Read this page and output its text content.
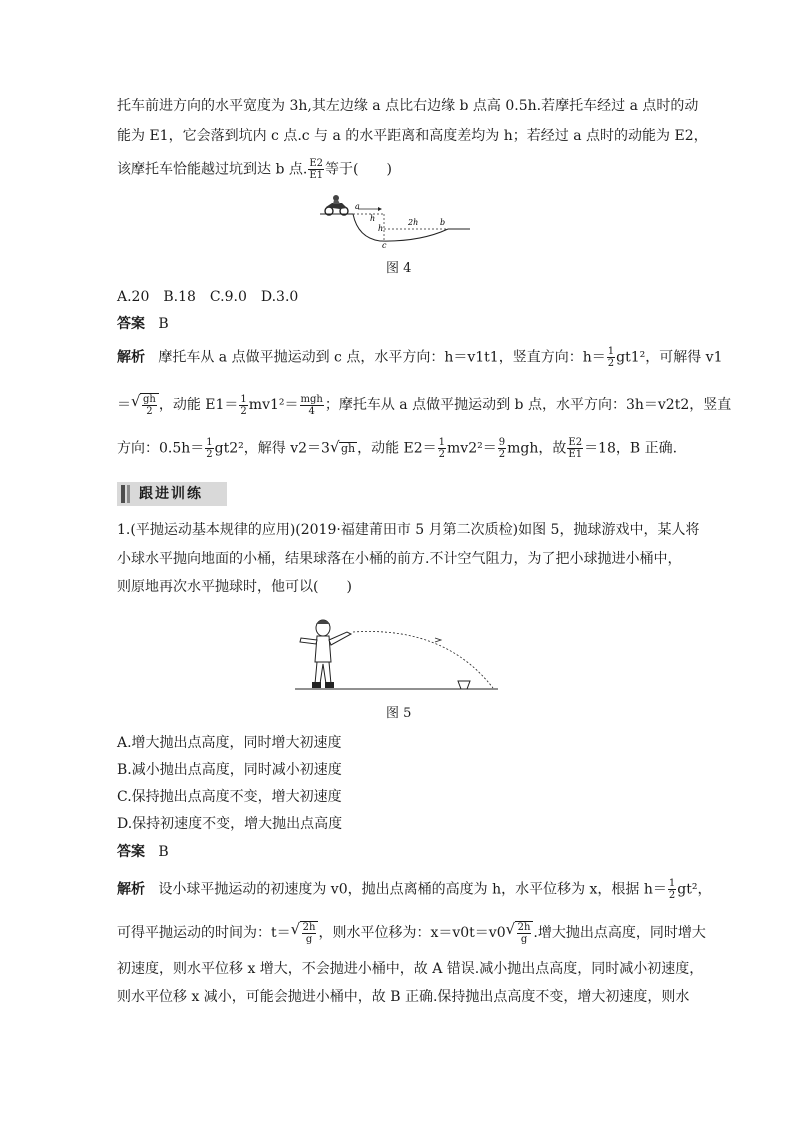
托车前进方向的水平宽度为 3h,其左边缘 a 点比右边缘 b 点高 0.5h.若摩托车经过 a 点时的动
能为 E1，它会落到坑内 c 点.c 与 a 的水平距离和高度差均为 h；若经过 a 点时的动能为 E2，
该摩托车恰能越过坑到达 b 点. $\frac{E2}{E1}$ 等于(　　)
a
h
h
2h	b
c
图 4
A.20　B.18　C.9.0　D.3.0
答案 B
解析 摩托车从 a 点做平抛运动到 c 点，水平方向：h＝v1t1，竖直方向：$h= \frac{1}{2} gt1^2$，可解得 v1
＝ √ $\frac{gh}{2}$ ，动能 $E1= \frac{1}{2} mv1^2= \frac{\text{mgh}}{4}$ ；摩托车从 a 点做平抛运动到 b 点，水平方向：3h＝v2t2，竖直
方向：$0.5h= \frac{1}{2} gt2^2$，解得 v2＝3 √ gh ，动能 $E2= \frac{1}{2} mv2^2= \frac{9}{2}$ mgh，故 $\frac{E2}{E1} =18$，B 正确.
跟进训练
1.(平抛运动基本规律的应用)(2019·福建莆田市 5 月第二次质检)如图 5，抛球游戏中，某人将
小球水平抛向地面的小桶，结果球落在小桶的前方.不计空气阻力，为了把小球抛进小桶中，
则原地再次水平抛球时，他可以(　　)
图 5
A.增大抛出点高度，同时增大初速度
B.减小抛出点高度，同时减小初速度
C.保持抛出点高度不变，增大初速度
D.保持初速度不变，增大抛出点高度
答案 B
解析 设小球平抛运动的初速度为 v0，抛出点离桶的高度为 h，水平位移为 x，根据 $h= \frac{1}{2} gt^2$，
可得平抛运动的时间为：t＝ √ $\frac{2h}{g}$ ，则水平位移为：x＝v0t＝v0 √ $\frac{2h}{g}$ .增大抛出点高度，同时增大
初速度，则水平位移 x 增大，不会抛进小桶中，故 A 错误.减小抛出点高度，同时减小初速度，
则水平位移 x 减小，可能会抛进小桶中，故 B 正确.保持抛出点高度不变，增大初速度，则水
